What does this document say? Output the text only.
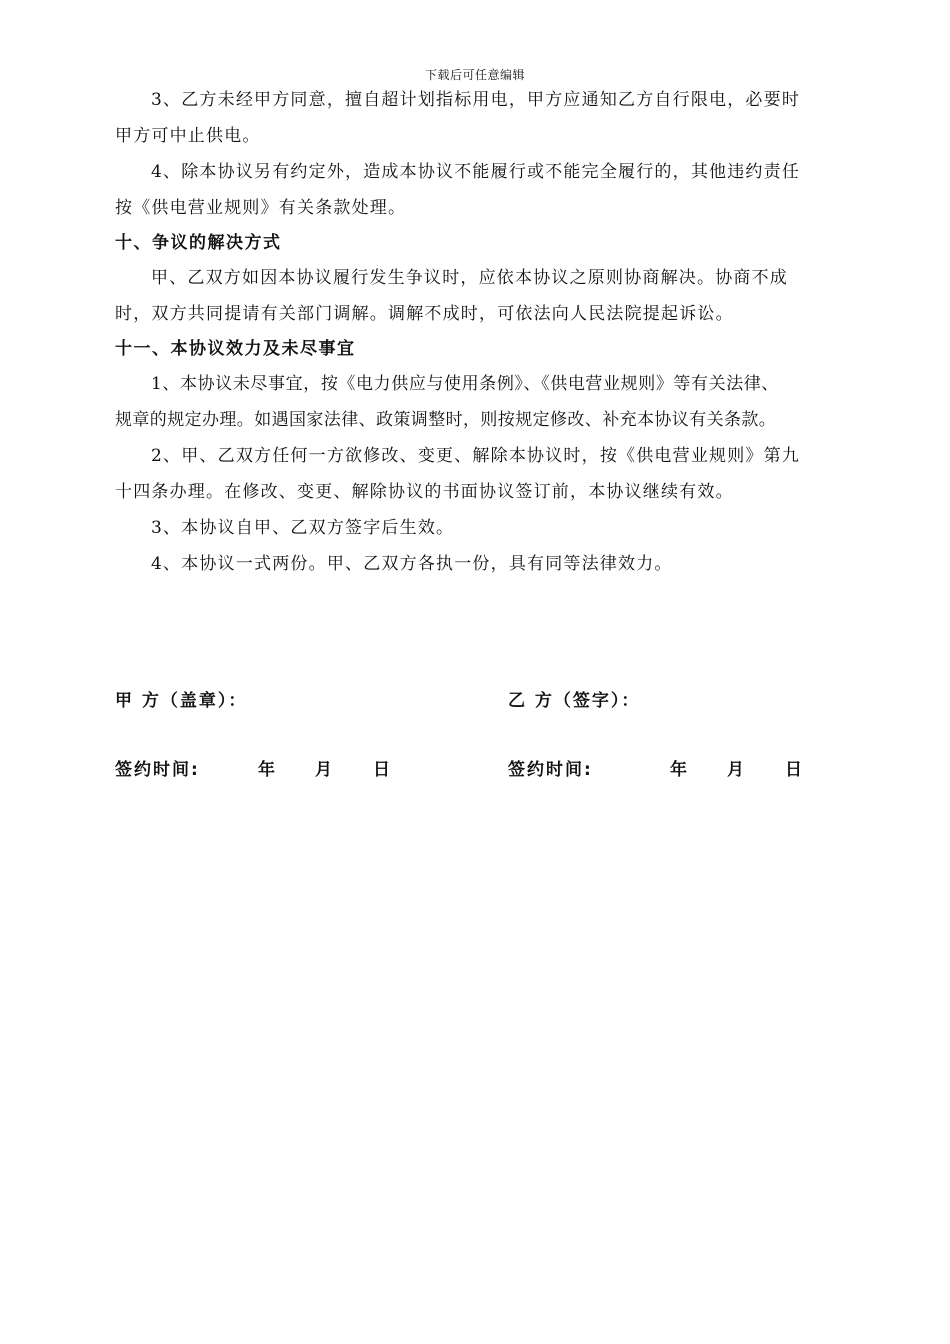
下载后可任意编辑

3、乙方未经甲方同意，擅自超计划指标用电，甲方应通知乙方自行限电，必要时

甲方可中止供电。

4、除本协议另有约定外，造成本协议不能履行或不能完全履行的，其他违约责任

按《供电营业规则》有关条款处理。

十、争议的解决方式

甲、乙双方如因本协议履行发生争议时，应依本协议之原则协商解决。协商不成

时，双方共同提请有关部门调解。调解不成时，可依法向人民法院提起诉讼。

十一、本协议效力及未尽事宜

1、本协议未尽事宜，按《电力供应与使用条例》、《供电营业规则》等有关法律、

规章的规定办理。如遇国家法律、政策调整时，则按规定修改、补充本协议有关条款。

2、甲、乙双方任何一方欲修改、变更、解除本协议时，按《供电营业规则》第九

十四条办理。在修改、变更、解除协议的书面协议签订前，本协议继续有效。

3、本协议自甲、乙双方签字后生效。

4、本协议一式两份。甲、乙双方各执一份，具有同等法律效力。

甲 方（盖章）：	乙 方（签字）：
签约时间:	年 月 日	签约时间:	年 月 日
